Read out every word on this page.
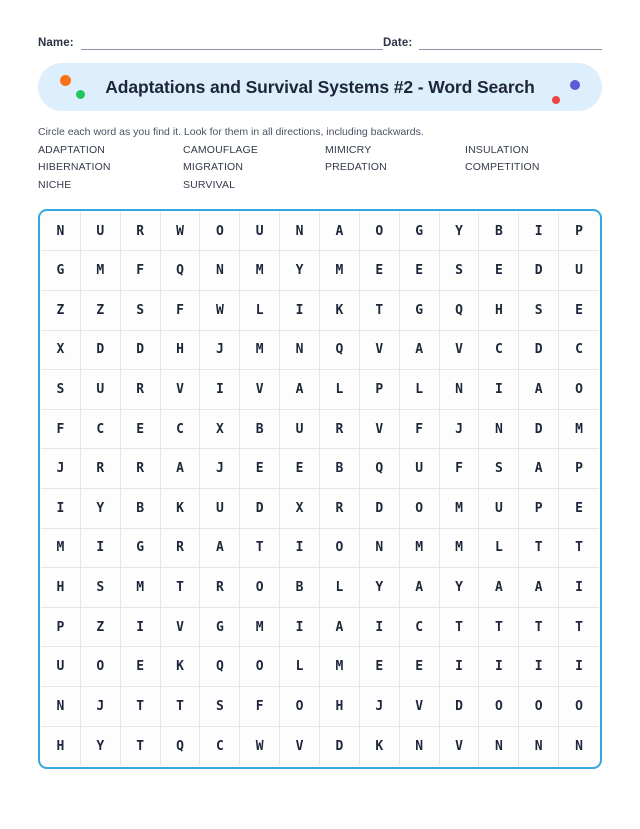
Name:	Date:
Adaptations and Survival Systems #2 - Word Search
Circle each word as you find it. Look for them in all directions, including backwards.
ADAPTATION	CAMOUFLAGE	MIMICRY	INSULATION
HIBERNATION	MIGRATION	PREDATION	COMPETITION
NICHE	SURVIVAL
N	U	R	W	O	U	N	A	O	G	Y	B	I	P
G	M	F	Q	N	M	Y	M	E	E	S	E	D	U
Z	Z	S	F	W	L	I	K	T	G	Q	H	S	E
X	D	D	H	J	M	N	Q	V	A	V	C	D	C
S	U	R	V	I	V	A	L	P	L	N	I	A	O
F	C	E	C	X	B	U	R	V	F	J	N	D	M
J	R	R	A	J	E	E	B	Q	U	F	S	A	P
I	Y	B	K	U	D	X	R	D	O	M	U	P	E
M	I	G	R	A	T	I	O	N	M	M	L	T	T
H	S	M	T	R	O	B	L	Y	A	Y	A	A	I
P	Z	I	V	G	M	I	A	I	C	T	T	T	T
U	O	E	K	Q	O	L	M	E	E	I	I	I	I
N	J	T	T	S	F	O	H	J	V	D	O	O	O
H	Y	T	Q	C	W	V	D	K	N	V	N	N	N
